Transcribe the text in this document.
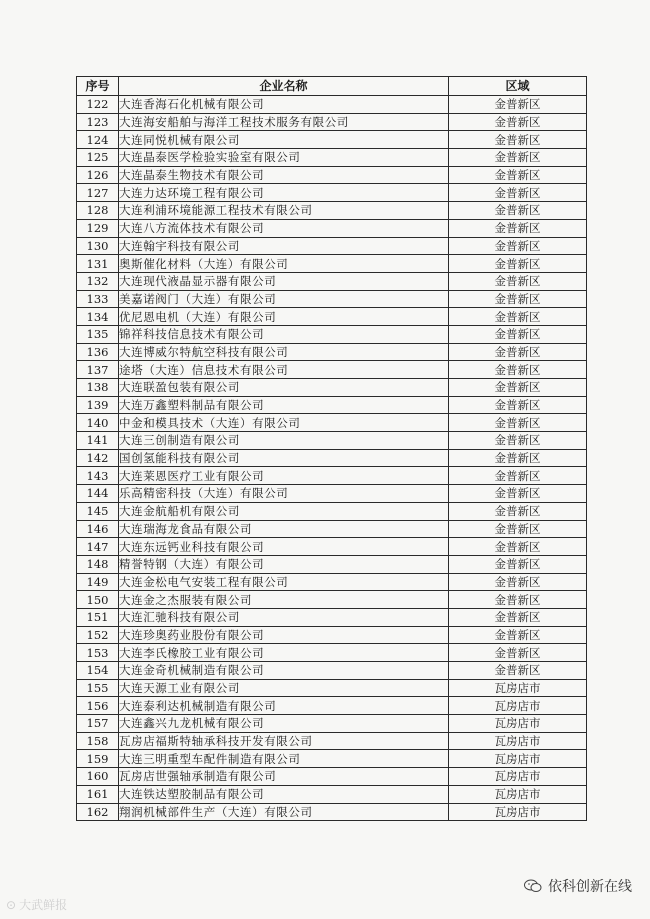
序号	企业名称	区域
122	大连香海石化机械有限公司	金普新区
123	大连海安船舶与海洋工程技术服务有限公司	金普新区
124	大连同悦机械有限公司	金普新区
125	大连晶泰医学检验实验室有限公司	金普新区
126	大连晶泰生物技术有限公司	金普新区
127	大连力达环境工程有限公司	金普新区
128	大连利浦环境能源工程技术有限公司	金普新区
129	大连八方流体技术有限公司	金普新区
130	大连翰宇科技有限公司	金普新区
131	奥斯催化材料（大连）有限公司	金普新区
132	大连现代液晶显示器有限公司	金普新区
133	美嘉诺阀门（大连）有限公司	金普新区
134	优尼恩电机（大连）有限公司	金普新区
135	锦祥科技信息技术有限公司	金普新区
136	大连博威尔特航空科技有限公司	金普新区
137	途塔（大连）信息技术有限公司	金普新区
138	大连联盈包装有限公司	金普新区
139	大连万鑫塑料制品有限公司	金普新区
140	中金和模具技术（大连）有限公司	金普新区
141	大连三创制造有限公司	金普新区
142	国创氢能科技有限公司	金普新区
143	大连莱恩医疗工业有限公司	金普新区
144	乐高精密科技（大连）有限公司	金普新区
145	大连金航船机有限公司	金普新区
146	大连瑞海龙食品有限公司	金普新区
147	大连东远钙业科技有限公司	金普新区
148	精誉特钢（大连）有限公司	金普新区
149	大连金松电气安装工程有限公司	金普新区
150	大连金之杰服装有限公司	金普新区
151	大连汇驰科技有限公司	金普新区
152	大连珍奥药业股份有限公司	金普新区
153	大连李氏橡胶工业有限公司	金普新区
154	大连金奇机械制造有限公司	金普新区
155	大连天源工业有限公司	瓦房店市
156	大连泰利达机械制造有限公司	瓦房店市
157	大连鑫兴九龙机械有限公司	瓦房店市
158	瓦房店福斯特轴承科技开发有限公司	瓦房店市
159	大连三明重型车配件制造有限公司	瓦房店市
160	瓦房店世强轴承制造有限公司	瓦房店市
161	大连铁达塑胶制品有限公司	瓦房店市
162	翔润机械部件生产（大连）有限公司	瓦房店市
⊙ 大武鲜报
依科创新在线
